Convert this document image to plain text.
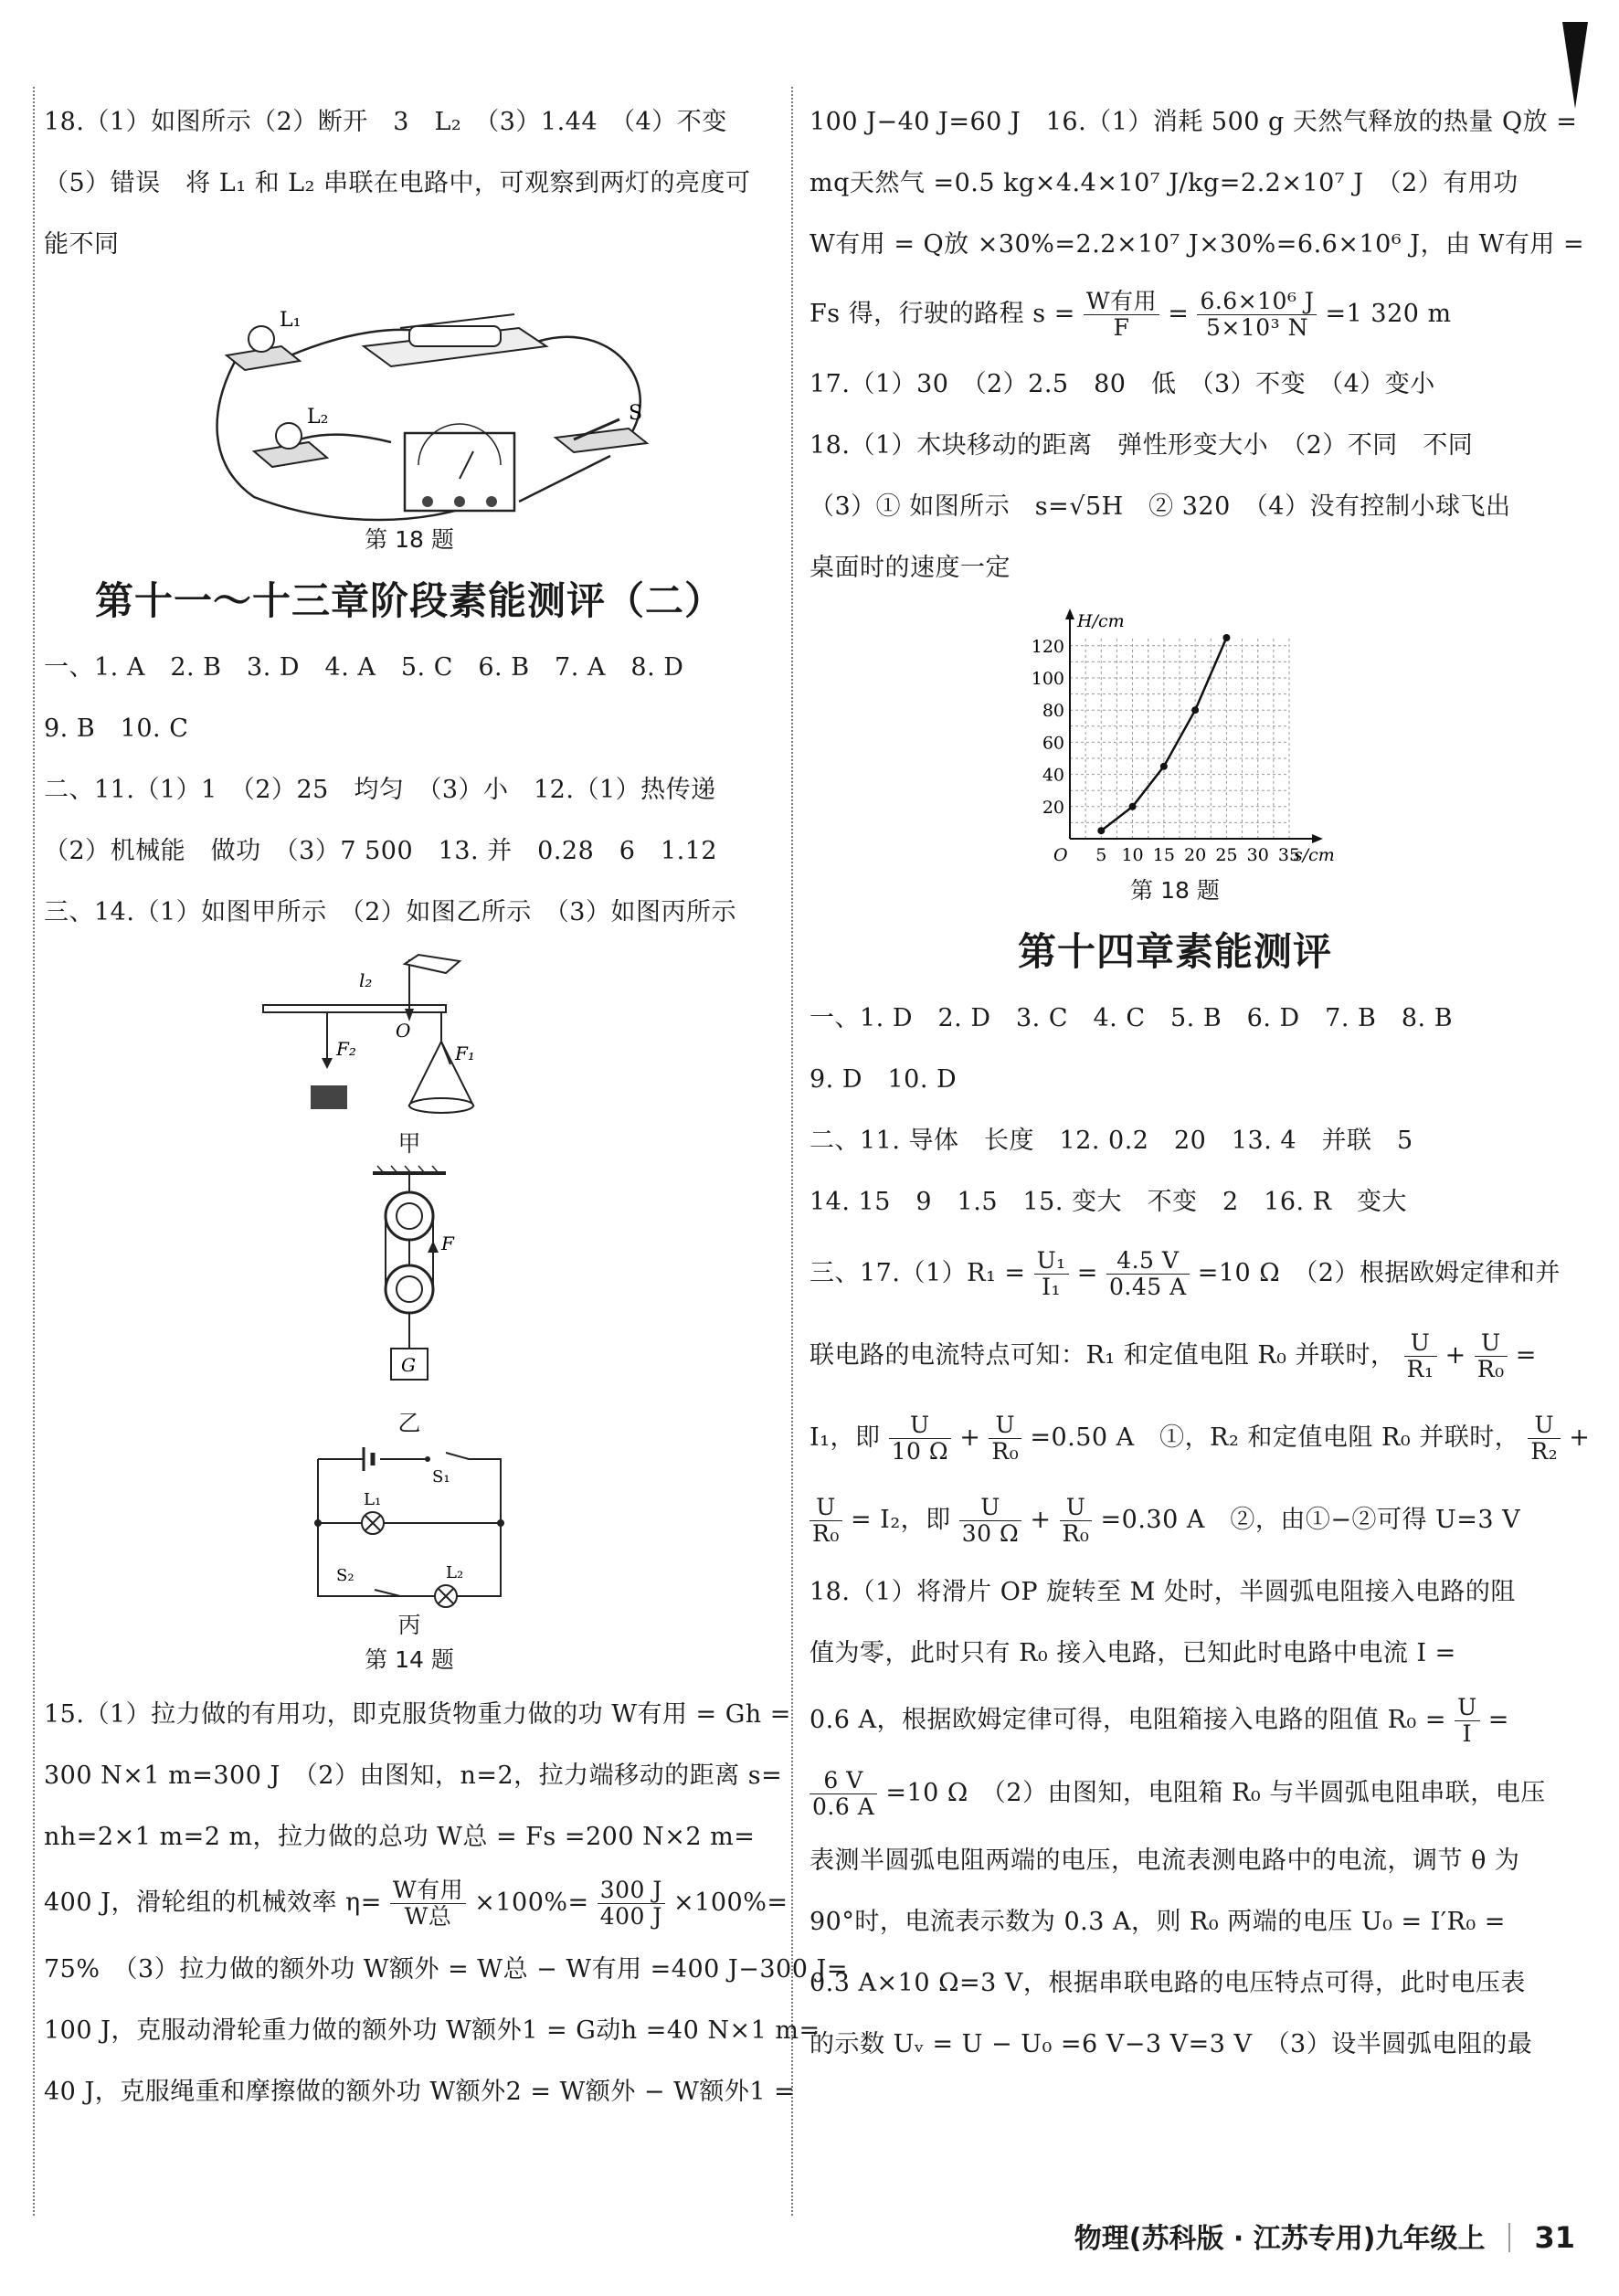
18.（1）如图所示（2）断开　3　L₂　（3）1.44　（4）不变
（5）错误　将 L₁ 和 L₂ 串联在电路中，可观察到两灯的亮度可
能不同
L₁
L₂	S
第 18 题
第十一～十三章阶段素能测评（二）
一、1. A　2. B　3. D　4. A　5. C　6. B　7. A　8. D
9. B　10. C
二、11.（1）1　（2）25　均匀　（3）小　12.（1）热传递
（2）机械能　做功　（3）7 500　13. 并　0.28　6　1.12
三、14.（1）如图甲所示　（2）如图乙所示　（3）如图丙所示
l₂
O
F₂	F₁
甲
F
G
乙
S₁
L₁
S₂	L₂
丙
第 14 题
15.（1）拉力做的有用功，即克服货物重力做的功 W有用 = Gh =
300 N×1 m=300 J　（2）由图知，n=2，拉力端移动的距离 s=
nh=2×1 m=2 m，拉力做的总功 W总 = Fs =200 N×2 m=
400 J，滑轮组的机械效率 $\eta= \frac{\text{W有用}}{\text{W总}} \times 100\%= \frac{300 J}{400 J} \times 100\%=$
75%　（3）拉力做的额外功 W额外 = W总 − W有用 =400 J−300 J=
100 J，克服动滑轮重力做的额外功 W额外1 = G动h =40 N×1 m=
40 J，克服绳重和摩擦做的额外功 W额外2 = W额外 − W额外1 =
100 J−40 J=60 J　16.（1）消耗 500 g 天然气释放的热量 Q放 =
mq天然气 =0.5 kg×4.4×10⁷ J/kg=2.2×10⁷ J　（2）有用功
W有用 = Q放 ×30%=2.2×10⁷ J×30%=6.6×10⁶ J，由 W有用 =
Fs 得，行驶的路程 $s = \frac{\text{W有用}}{F} = \frac{\text{6.6×10⁶ J}}{\text{5×10³ N}} =1$ 320 m
17.（1）30　（2）2.5　80　低　（3）不变　（4）变小
18.（1）木块移动的距离　弹性形变大小　（2）不同　不同
（3）① 如图所示　s=√5H　② 320　（4）没有控制小球飞出
桌面时的速度一定
5 10 15 20 25 30 35
20
40
60
80
100
120
O
H/cm
s/cm
第 18 题
第十四章素能测评
一、1. D　2. D　3. C　4. C　5. B　6. D　7. B　8. B
9. D　10. D
二、11. 导体　长度　12. 0.2　20　13. 4　并联　5
14. 15　9　1.5　15. 变大　不变　2　16. R　变大
三、$17.(1)R_1 = \frac{\text{U₁}}{\text{I₁}} = \frac{4.5 V}{0.45 A} =10$ Ω　（2）根据欧姆定律和并
联电路的电流特点可知：R₁ 和定值电阻 R₀ 并联时， $\frac{U}{\text{R₁}} + \frac{U}{\text{R₀}}$ =
I₁，即 $\frac{U}{10 \Omega} + \frac{U}{\text{R₀}} =0.50$ A　①，R₂ 和定值电阻 R₀ 并联时， $\frac{U}{\text{R₂}}$ +
$\frac{U}{\text{R₀}} = I_2$，即 $\frac{U}{30 \Omega} + \frac{U}{\text{R₀}} =0.30$ A　②，由①−②可得 U=3 V
18.（1）将滑片 OP 旋转至 M 处时，半圆弧电阻接入电路的阻
值为零，此时只有 R₀ 接入电路，已知此时电路中电流 I =
0.6 A，根据欧姆定律可得，电阻箱接入电路的阻值 $R_0 = \frac{U}{I}$ =
$\frac{6 V}{0.6 A} =10$ Ω　（2）由图知，电阻箱 R₀ 与半圆弧电阻串联，电压
表测半圆弧电阻两端的电压，电流表测电路中的电流，调节 θ 为
90°时，电流表示数为 0.3 A，则 R₀ 两端的电压 U₀ = I′R₀ =
0.3 A×10 Ω=3 V，根据串联电路的电压特点可得，此时电压表
的示数 Uᵥ = U − U₀ =6 V−3 V=3 V　（3）设半圆弧电阻的最
物理(苏科版 · 江苏专用)九年级上 31
